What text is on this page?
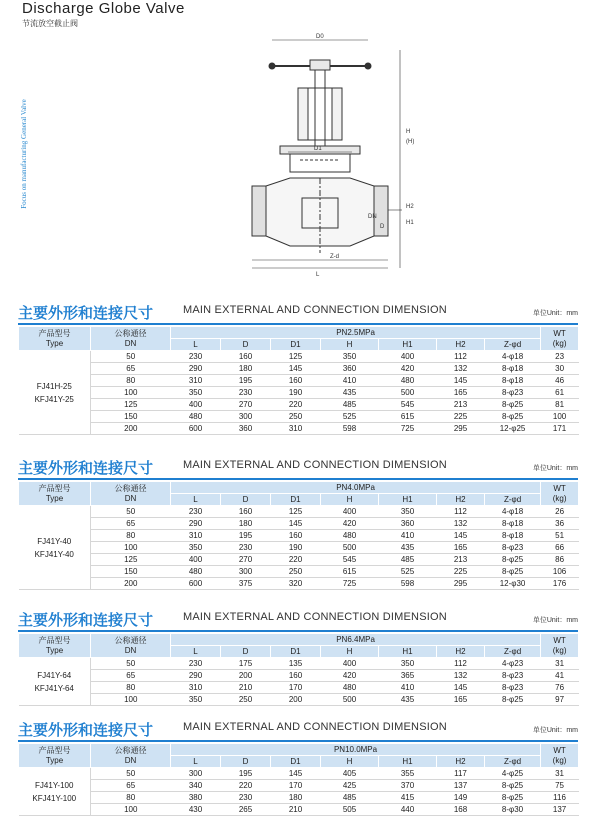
Discharge Globe Valve
节流放空截止阀
Focus on manufacturing General Valve
D0
H
(H)
D1
H2
H1
DN
D
L
Z-d
主要外形和连接尺寸	MAIN EXTERNAL AND CONNECTION DIMENSION	单位Unit：mm
产品型号
Type	公称通径
DN	PN2.5MPa							WT
(kg)
		L	D	D1	H	H1	H2	Z-φd	
FJ41H-25
KFJ41Y-25	50	230	160	125	350	400	112	4-φ18	23
	65	290	180	145	360	420	132	8-φ18	30
	80	310	195	160	410	480	145	8-φ18	46
	100	350	230	190	435	500	165	8-φ23	61
	125	400	270	220	485	545	213	8-φ25	81
	150	480	300	250	525	615	225	8-φ25	100
	200	600	360	310	598	725	295	12-φ25	171
主要外形和连接尺寸	MAIN EXTERNAL AND CONNECTION DIMENSION	单位Unit：mm
产品型号
Type	公称通径
DN	PN4.0MPa							WT
(kg)
		L	D	D1	H	H1	H2	Z-φd	
FJ41Y-40
KFJ41Y-40	50	230	160	125	400	350	112	4-φ18	26
	65	290	180	145	420	360	132	8-φ18	36
	80	310	195	160	480	410	145	8-φ18	51
	100	350	230	190	500	435	165	8-φ23	66
	125	400	270	220	545	485	213	8-φ25	86
	150	480	300	250	615	525	225	8-φ25	106
	200	600	375	320	725	598	295	12-φ30	176
主要外形和连接尺寸	MAIN EXTERNAL AND CONNECTION DIMENSION	单位Unit：mm
产品型号
Type	公称通径
DN	PN6.4MPa							WT
(kg)
		L	D	D1	H	H1	H2	Z-φd	
FJ41Y-64
KFJ41Y-64	50	230	175	135	400	350	112	4-φ23	31
	65	290	200	160	420	365	132	8-φ23	41
	80	310	210	170	480	410	145	8-φ23	76
	100	350	250	200	500	435	165	8-φ25	97
主要外形和连接尺寸	MAIN EXTERNAL AND CONNECTION DIMENSION	单位Unit：mm
产品型号
Type	公称通径
DN	PN10.0MPa							WT
(kg)
		L	D	D1	H	H1	H2	Z-φd	
FJ41Y-100
KFJ41Y-100	50	300	195	145	405	355	117	4-φ25	31
	65	340	220	170	425	370	137	8-φ25	75
	80	380	230	180	485	415	149	8-φ25	116
	100	430	265	210	505	440	168	8-φ30	137
